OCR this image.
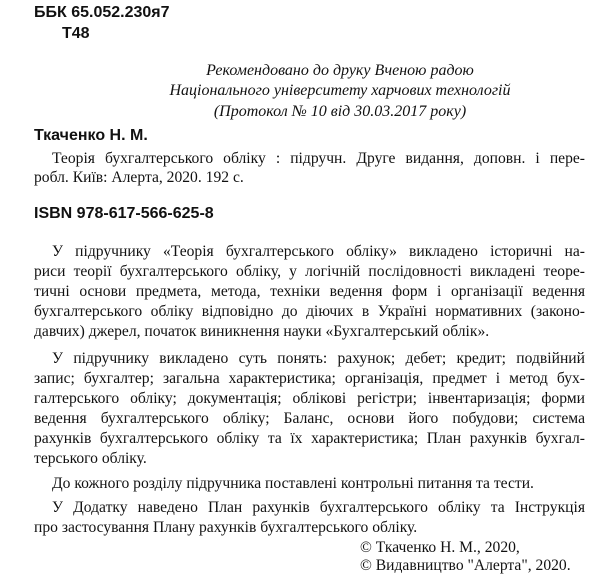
ББК 65.052.230я7
Т48
Рекомендовано до друку Вченою радою
Національного університету харчових технологій
(Протокол № 10 від 30.03.2017 року)
Ткаченко Н. М.
Теорія бухгалтерського обліку : підручн. Друге видання, доповн. і пере-
робл. Київ: Алерта, 2020. 192 с.
ISBN 978-617-566-625-8
У підручнику «Теорія бухгалтерського обліку» викладено історичні на-
риси теорії бухгалтерського обліку, у логічній послідовності викладені теоре-
тичні основи предмета, метода, техніки ведення форм і організації ведення
бухгалтерського обліку відповідно до діючих в Україні нормативних (законо-
давчих) джерел, початок виникнення науки «Бухгалтерський облік».
У підручнику викладено суть понять: рахунок; дебет; кредит; подвійний
запис; бухгалтер; загальна характеристика; організація, предмет і метод бух-
галтерського обліку; документація; облікові регістри; інвентаризація; форми
ведення бухгалтерського обліку; Баланс, основи його побудови; система
рахунків бухгалтерського обліку та їх характеристика; План рахунків бухгал-
терського обліку.
До кожного розділу підручника поставлені контрольні питання та тести.
У Додатку наведено План рахунків бухгалтерського обліку та Інструкція
про застосування Плану рахунків бухгалтерського обліку.
© Ткаченко Н. М., 2020,
© Видавництво "Алерта", 2020.
